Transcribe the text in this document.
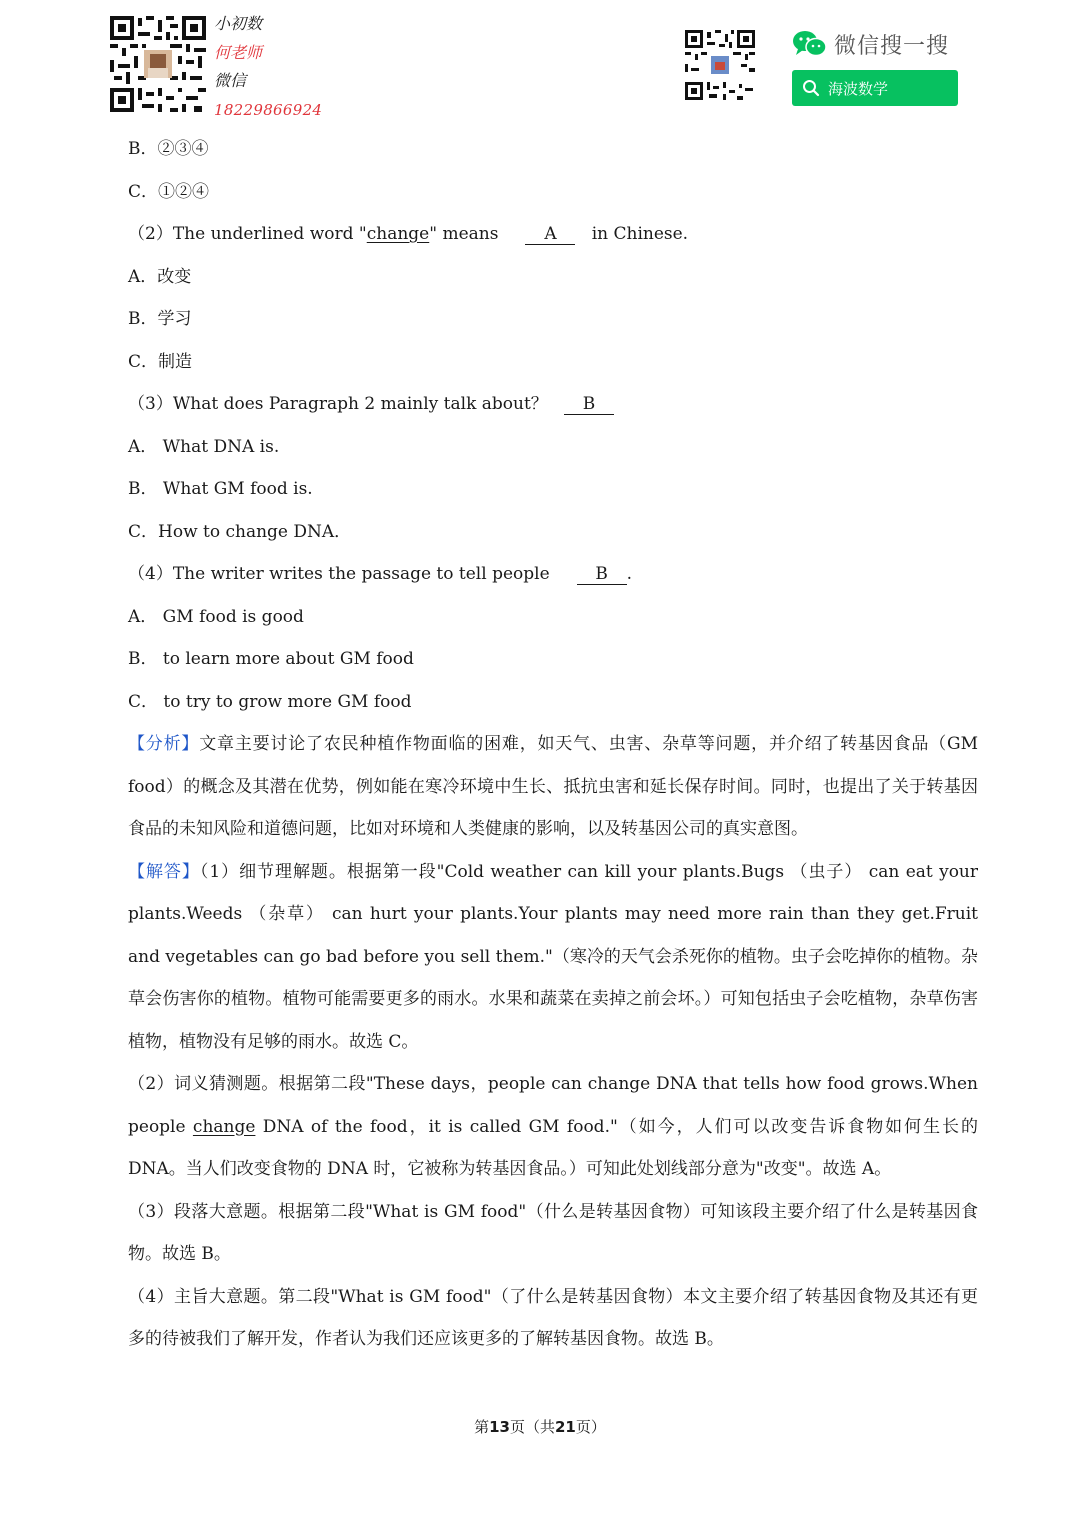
小初数
何老师
微信
18229866924
微信搜一搜
海波数学
B．②③④
C．①②④
（2）The underlined word "change" means	A in Chinese.
A．改变
B．学习
C．制造
（3）What does Paragraph 2 mainly talk about？ B
A． What DNA is.
B． What GM food is.
C．How to change DNA．
（4）The writer writes the passage to tell people	B .
A． GM food is good
B． to learn more about GM food
C． to try to grow more GM food
【分析】文章主要讨论了农民种植作物面临的困难，如天气、虫害、杂草等问题，并介绍了转基因食品（GM food）的概念及其潜在优势，例如能在寒冷环境中生长、抵抗虫害和延长保存时间。同时，也提出了关于转基因食品的未知风险和道德问题，比如对环境和人类健康的影响，以及转基因公司的真实意图。
【解答】（1）细节理解题。根据第一段"Cold weather can kill your plants.Bugs （虫子） can eat your plants.Weeds （杂草） can hurt your plants.Your plants may need more rain than they get.Fruit and vegetables can go bad before you sell them."（寒冷的天气会杀死你的植物。虫子会吃掉你的植物。杂草会伤害你的植物。植物可能需要更多的雨水。水果和蔬菜在卖掉之前会坏。）可知包括虫子会吃植物，杂草伤害植物，植物没有足够的雨水。故选 C。
（2）词义猜测题。根据第二段"These days，people can change DNA that tells how food grows.When people change DNA of the food，it is called GM food."（如今，人们可以改变告诉食物如何生长的 DNA。当人们改变食物的 DNA 时，它被称为转基因食品。）可知此处划线部分意为"改变"。故选 A。
（3）段落大意题。根据第二段"What is GM food"（什么是转基因食物）可知该段主要介绍了什么是转基因食物。故选 B。
（4）主旨大意题。第二段"What is GM food"（了什么是转基因食物）本文主要介绍了转基因食物及其还有更多的待被我们了解开发，作者认为我们还应该更多的了解转基因食物。故选 B。
第13页（共21页）
